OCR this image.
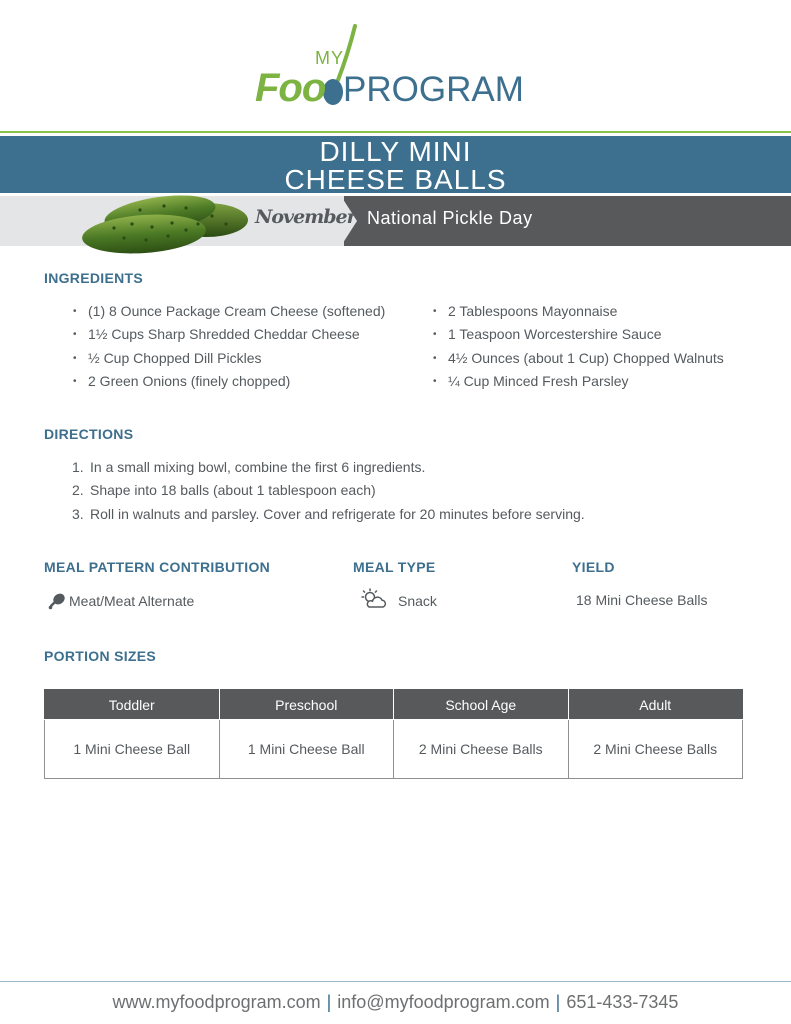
MY
Foo PROGRAM
DILLY MINI
CHEESE BALLS
November 14
National Pickle Day
INGREDIENTS
• (1) 8 Ounce Package Cream Cheese (softened)
• 1½ Cups Sharp Shredded Cheddar Cheese
• ½ Cup Chopped Dill Pickles
• 2 Green Onions (finely chopped)
• 2 Tablespoons Mayonnaise
• 1 Teaspoon Worcestershire Sauce
• 4½ Ounces (about 1 Cup) Chopped Walnuts
• ¼ Cup Minced Fresh Parsley
DIRECTIONS
1. In a small mixing bowl, combine the first 6 ingredients.
2. Shape into 18 balls (about 1 tablespoon each)
3. Roll in walnuts and parsley. Cover and refrigerate for 20 minutes before serving.
MEAL PATTERN CONTRIBUTION	MEAL TYPE	YIELD
Meat/Meat Alternate	Snack	18 Mini Cheese Balls
PORTION SIZES
Toddler	Preschool	School Age	Adult
1 Mini Cheese Ball	1 Mini Cheese Ball	2 Mini Cheese Balls	2 Mini Cheese Balls
www.myfoodprogram.com | info@myfoodprogram.com | 651-433-7345
